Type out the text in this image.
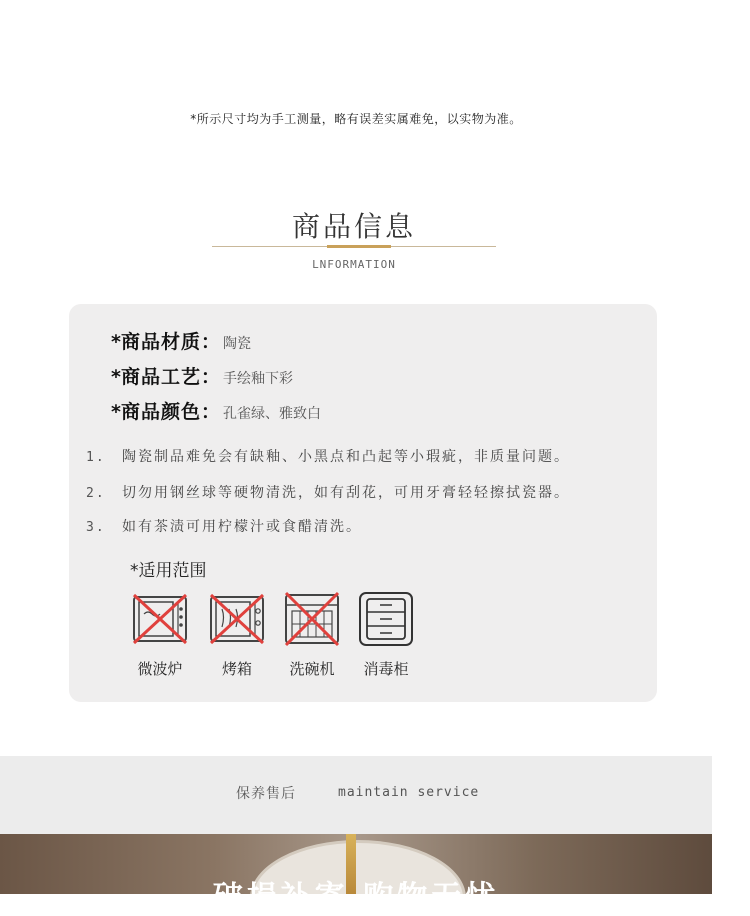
*所示尺寸均为手工测量，略有误差实属难免，以实物为准。
商品信息
LNFORMATION
*商品材质： 陶瓷
*商品工艺： 手绘釉下彩
*商品颜色： 孔雀绿、雅致白
1. 陶瓷制品难免会有缺釉、小黑点和凸起等小瑕疵，非质量问题。
2. 切勿用钢丝球等硬物清洗，如有刮花，可用牙膏轻轻擦拭瓷器。
3. 如有茶渍可用柠檬汁或食醋清洗。
*适用范围
微波炉	烤箱	洗碗机	消毒柜
保养售后	maintain service
破损补寄 购物无忧
